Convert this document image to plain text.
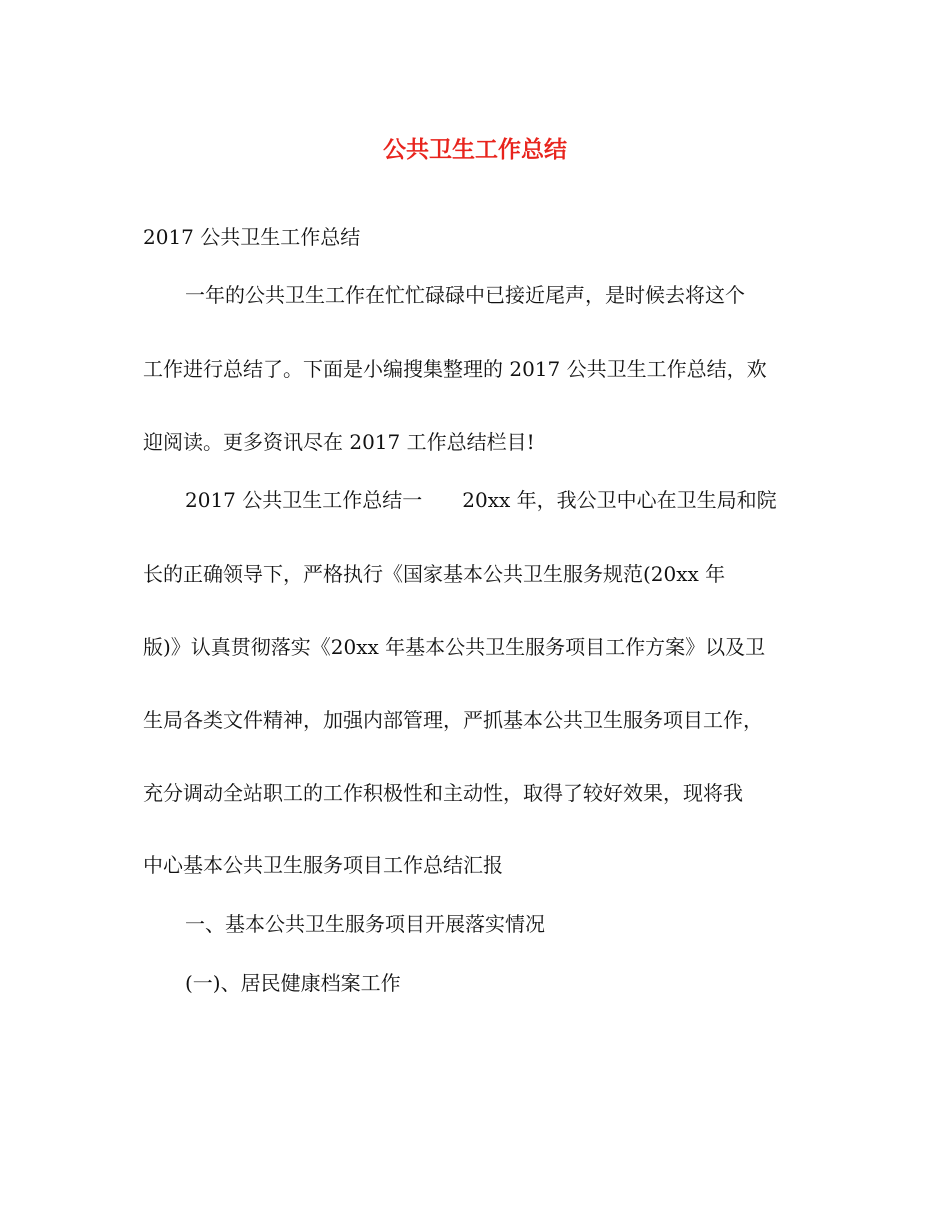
公共卫生工作总结
2017 公共卫生工作总结
一年的公共卫生工作在忙忙碌碌中已接近尾声，是时候去将这个
工作进行总结了。下面是小编搜集整理的 2017 公共卫生工作总结，欢
迎阅读。更多资讯尽在 2017 工作总结栏目!
2017 公共卫生工作总结一　　20xx 年，我公卫中心在卫生局和院
长的正确领导下，严格执行《国家基本公共卫生服务规范(20xx 年
版)》认真贯彻落实《20xx 年基本公共卫生服务项目工作方案》以及卫
生局各类文件精神，加强内部管理，严抓基本公共卫生服务项目工作，
充分调动全站职工的工作积极性和主动性，取得了较好效果，现将我
中心基本公共卫生服务项目工作总结汇报
一、基本公共卫生服务项目开展落实情况
(一)、居民健康档案工作
